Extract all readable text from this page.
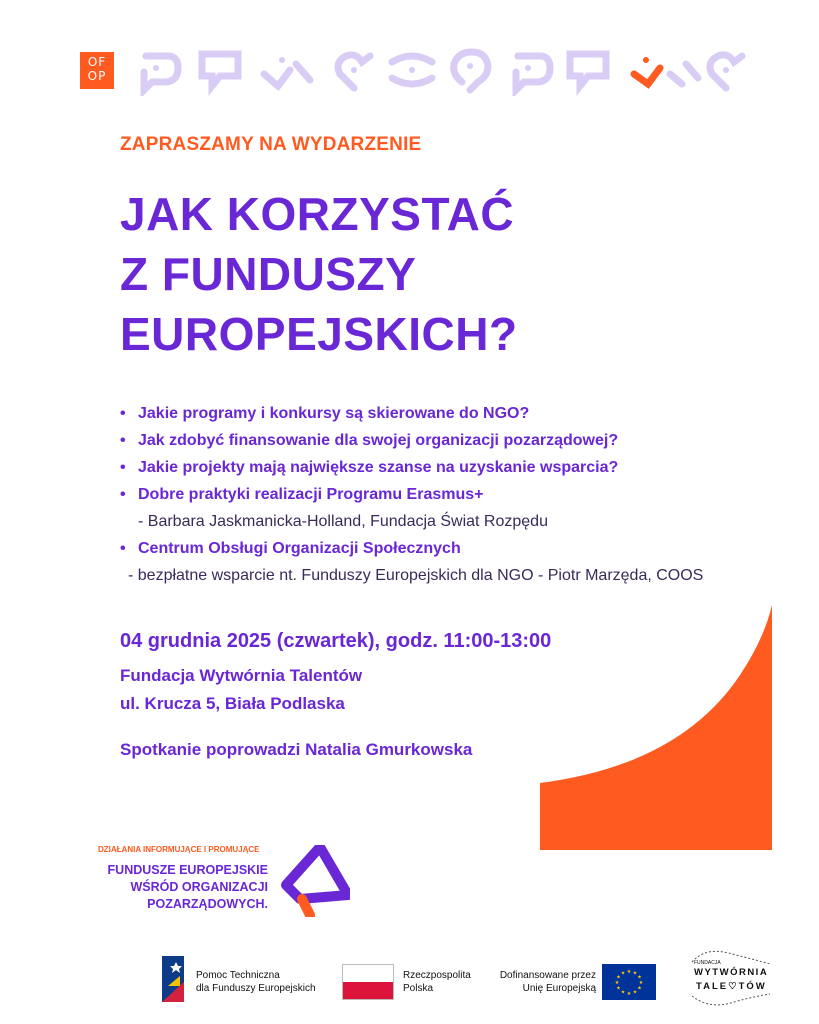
OF
OP
ZAPRASZAMY NA WYDARZENIE
JAK KORZYSTAĆ
Z FUNDUSZY
EUROPEJSKICH?
• Jakie programy i konkursy są skierowane do NGO?
• Jak zdobyć finansowanie dla swojej organizacji pozarządowej?
• Jakie projekty mają największe szanse na uzyskanie wsparcia?
• Dobre praktyki realizacji Programu Erasmus+
- Barbara Jaskmanicka-Holland, Fundacja Świat Rozpędu
• Centrum Obsługi Organizacji Społecznych
- bezpłatne wsparcie nt. Funduszy Europejskich dla NGO - Piotr Marzęda, COOS
04 grudnia 2025 (czwartek), godz. 11:00-13:00
Fundacja Wytwórnia Talentów
ul. Krucza 5, Biała Podlaska
Spotkanie poprowadzi Natalia Gmurkowska
DZIAŁANIA INFORMUJĄCE I PROMUJĄCE
FUNDUSZE EUROPEJSKIE
WŚRÓD ORGANIZACJI
POZARZĄDOWYCH.
Pomoc Techniczna
dla Funduszy Europejskich
Rzeczpospolita
Polska
Dofinansowane przez
Unię Europejską
★ ★
★
★
★
★
★
★
★
★
★
★
FUNDACJA
WYTWÓRNIA
TALE♡TÓW
